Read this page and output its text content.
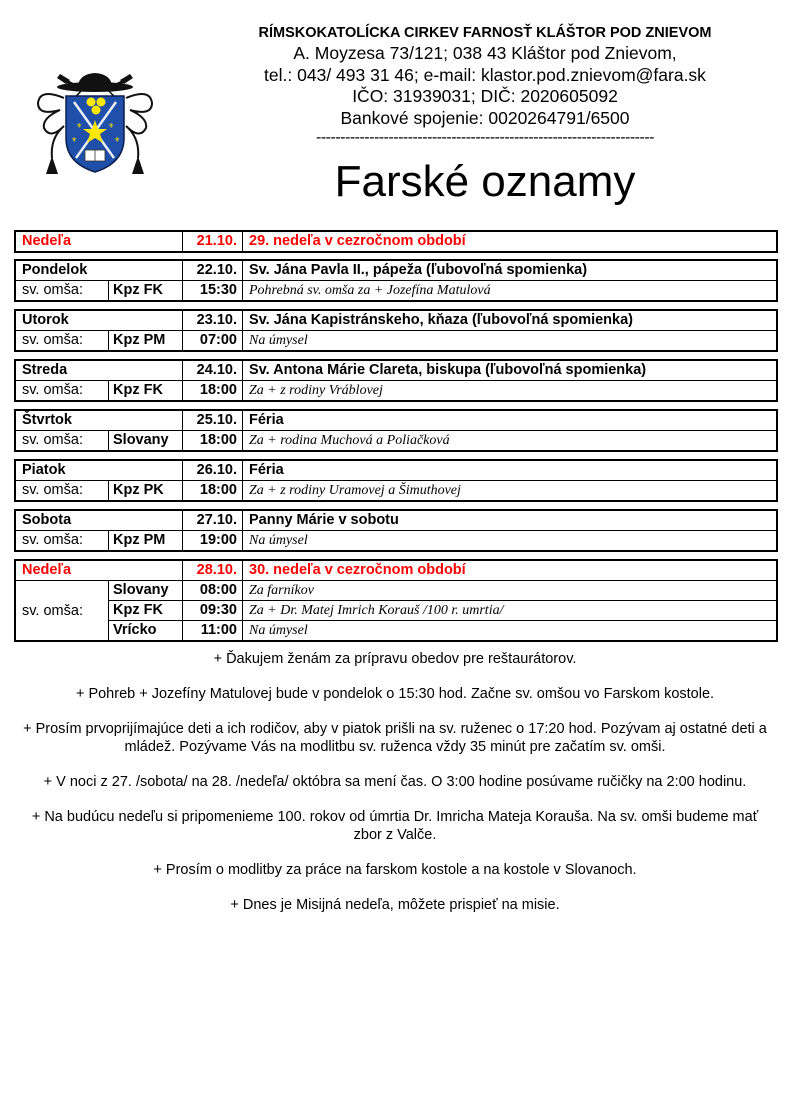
⚜	⚜
⚜	⚜
RÍMSKOKATOLÍCKA CIRKEV FARNOSŤ KLÁŠTOR POD ZNIEVOM
A. Moyzesa 73/121; 038 43 Kláštor pod Znievom,
tel.: 043/ 493 31 46; e-mail: klastor.pod.znievom@fara.sk
IČO: 31939031; DIČ: 2020605092
Bankové spojenie: 0020264791/6500
----------------------------------------------------------------------
Farské oznamy
Nedeľa	21.10. 29. nedeľa v cezročnom období
Pondelok	22.10. Sv. Jána Pavla II., pápeža (ľubovoľná spomienka)
sv. omša:	Kpz FK	15:30 Pohrebná sv. omša za + Jozefína Matulová
Utorok	23.10. Sv. Jána Kapistránskeho, kňaza (ľubovoľná spomienka)
sv. omša:	Kpz PM	07:00 Na úmysel
Streda	24.10. Sv. Antona Márie Clareta, biskupa (ľubovoľná spomienka)
sv. omša:	Kpz FK	18:00 Za + z rodiny Vráblovej
Štvrtok	25.10. Féria
sv. omša:	Slovany	18:00 Za + rodina Muchová a Poliačková
Piatok	26.10. Féria
sv. omša:	Kpz PK	18:00 Za + z rodiny Uramovej a Šimuthovej
Sobota	27.10. Panny Márie v sobotu
sv. omša:	Kpz PM	19:00 Na úmysel
Nedeľa	28.10. 30. nedeľa v cezročnom období
sv. omša:
Slovany	08:00 Za farníkov
Kpz FK	09:30 Za + Dr. Matej Imrich Korauš /100 r. umrtia/
Vrícko	11:00 Na úmysel

+ Ďakujem ženám za prípravu obedov pre reštaurátorov.

+ Pohreb + Jozefíny Matulovej bude v pondelok o 15:30 hod. Začne sv. omšou vo Farskom kostole.

+ Prosím prvoprijímajúce deti a ich rodičov, aby v piatok prišli na sv. ruženec o 17:20 hod. Pozývam aj ostatné deti a mládež. Pozývame Vás na modlitbu sv. ruženca vždy 35 minút pre začatím sv. omši.

+ V noci z 27. /sobota/ na 28. /nedeľa/ októbra sa mení čas. O 3:00 hodine posúvame ručičky na 2:00 hodinu.

+ Na budúcu nedeľu si pripomenieme 100. rokov od úmrtia Dr. Imricha Mateja Korauša. Na sv. omši budeme mať zbor z Valče.

+ Prosím o modlitby za práce na farskom kostole a na kostole v Slovanoch.

+ Dnes je Misijná nedeľa, môžete prispieť na misie.
